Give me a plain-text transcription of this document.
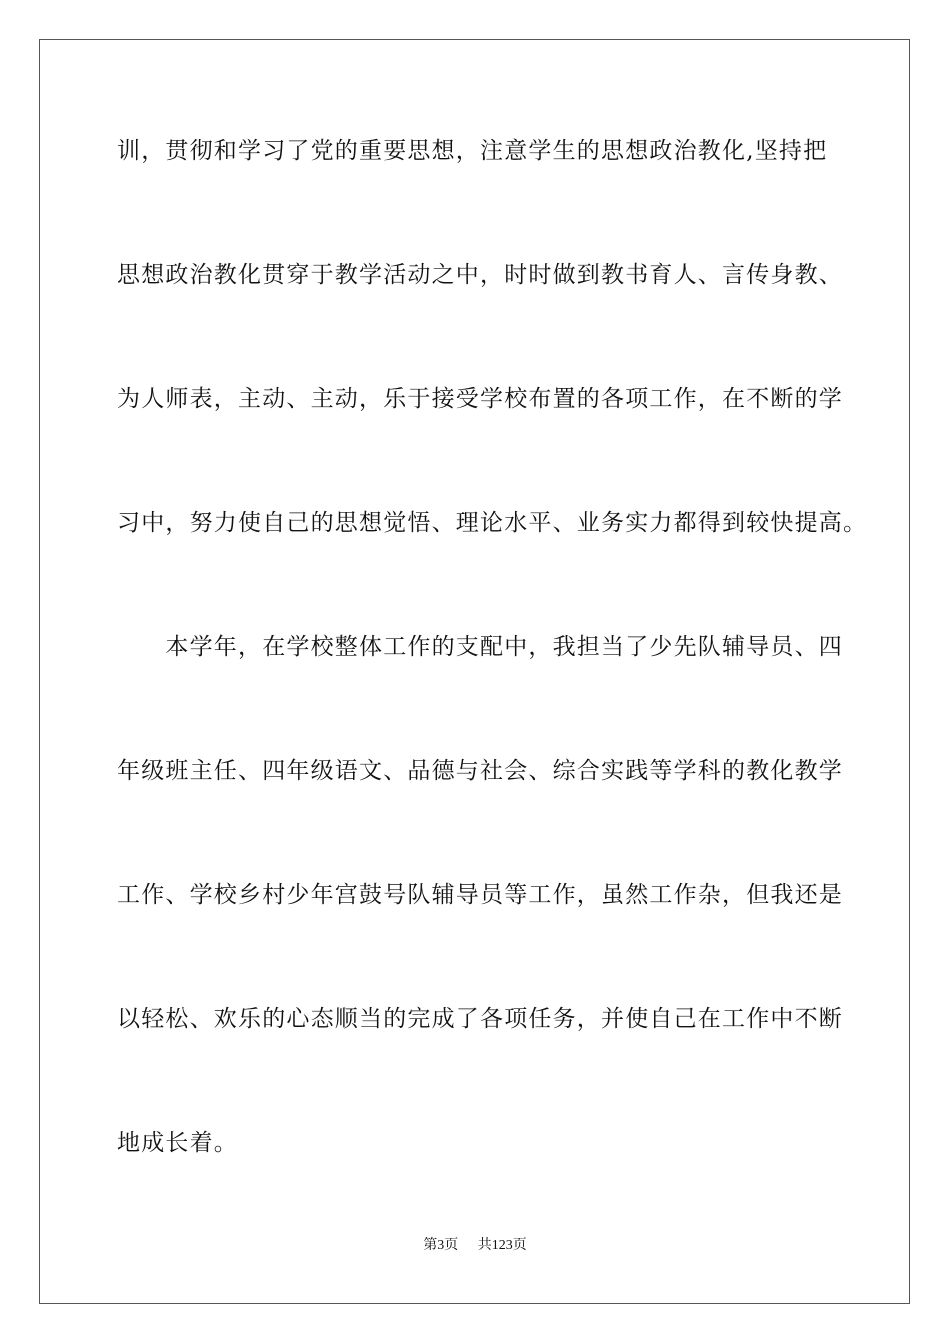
训，贯彻和学习了党的重要思想，注意学生的思想政治教化,坚持把
思想政治教化贯穿于教学活动之中，时时做到教书育人、言传身教、
为人师表，主动、主动，乐于接受学校布置的各项工作，在不断的学
习中，努力使自己的思想觉悟、理论水平、业务实力都得到较快提高。
　　本学年，在学校整体工作的支配中，我担当了少先队辅导员、四
年级班主任、四年级语文、品德与社会、综合实践等学科的教化教学
工作、学校乡村少年宫鼓号队辅导员等工作，虽然工作杂，但我还是
以轻松、欢乐的心态顺当的完成了各项任务，并使自己在工作中不断
地成长着。
第3页 共123页
